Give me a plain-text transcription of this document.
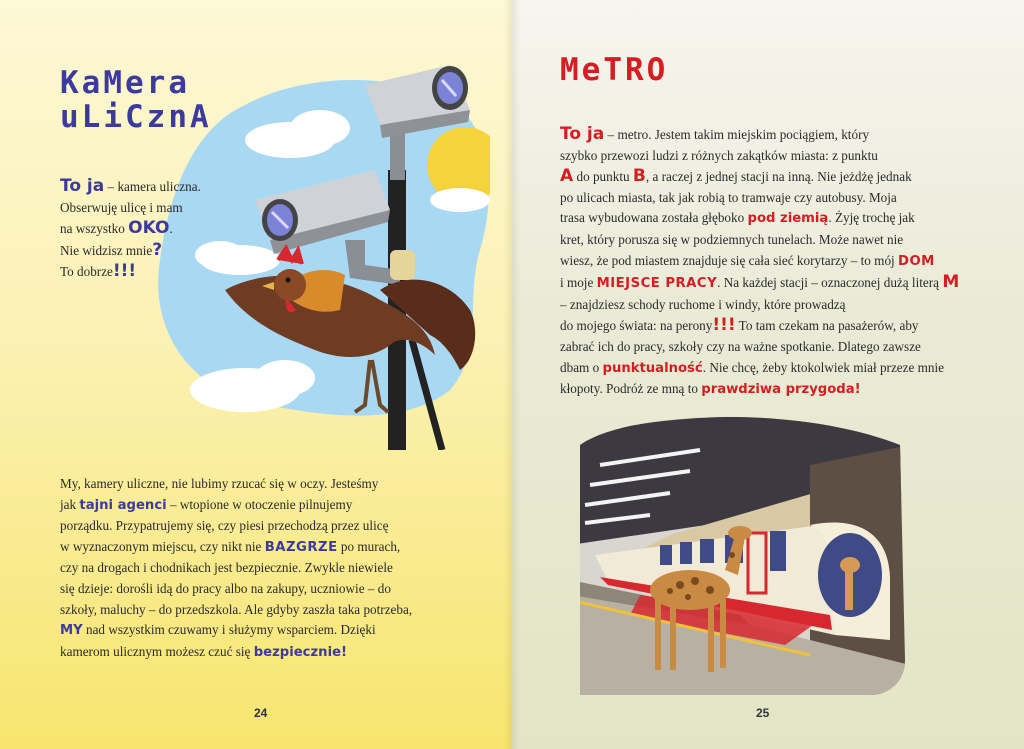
KaMera
uLiCznA
To ja – kamera uliczna.
Obserwuję ulicę i mam
na wszystko OKO.
Nie widzisz mnie?
To dobrze!!!
My, kamery uliczne, nie lubimy rzucać się w oczy. Jesteśmy
jak tajni agenci – wtopione w otoczenie pilnujemy
porządku. Przypatrujemy się, czy piesi przechodzą przez ulicę
w wyznaczonym miejscu, czy nikt nie BAZGRZE po murach,
czy na drogach i chodnikach jest bezpiecznie. Zwykle niewiele
się dzieje: dorośli idą do pracy albo na zakupy, uczniowie – do
szkoły, maluchy – do przedszkola. Ale gdyby zaszła taka potrzeba,
MY nad wszystkim czuwamy i służymy wsparciem. Dzięki
kamerom ulicznym możesz czuć się bezpiecznie!
24
MeTRO
To ja – metro. Jestem takim miejskim pociągiem, który
szybko przewozi ludzi z różnych zakątków miasta: z punktu
A do punktu B, a raczej z jednej stacji na inną. Nie jeżdżę jednak
po ulicach miasta, tak jak robią to tramwaje czy autobusy. Moja
trasa wybudowana została głęboko pod ziemią. Żyję trochę jak
kret, który porusza się w podziemnych tunelach. Może nawet nie
wiesz, że pod miastem znajduje się cała sieć korytarzy – to mój DOM
i moje MIEJSCE PRACY. Na każdej stacji – oznaczonej dużą literą M
– znajdziesz schody ruchome i windy, które prowadzą
do mojego świata: na perony!!! To tam czekam na pasażerów, aby
zabrać ich do pracy, szkoły czy na ważne spotkanie. Dlatego zawsze
dbam o punktualność. Nie chcę, żeby ktokolwiek miał przeze mnie
kłopoty. Podróż ze mną to prawdziwa przygoda!
25
